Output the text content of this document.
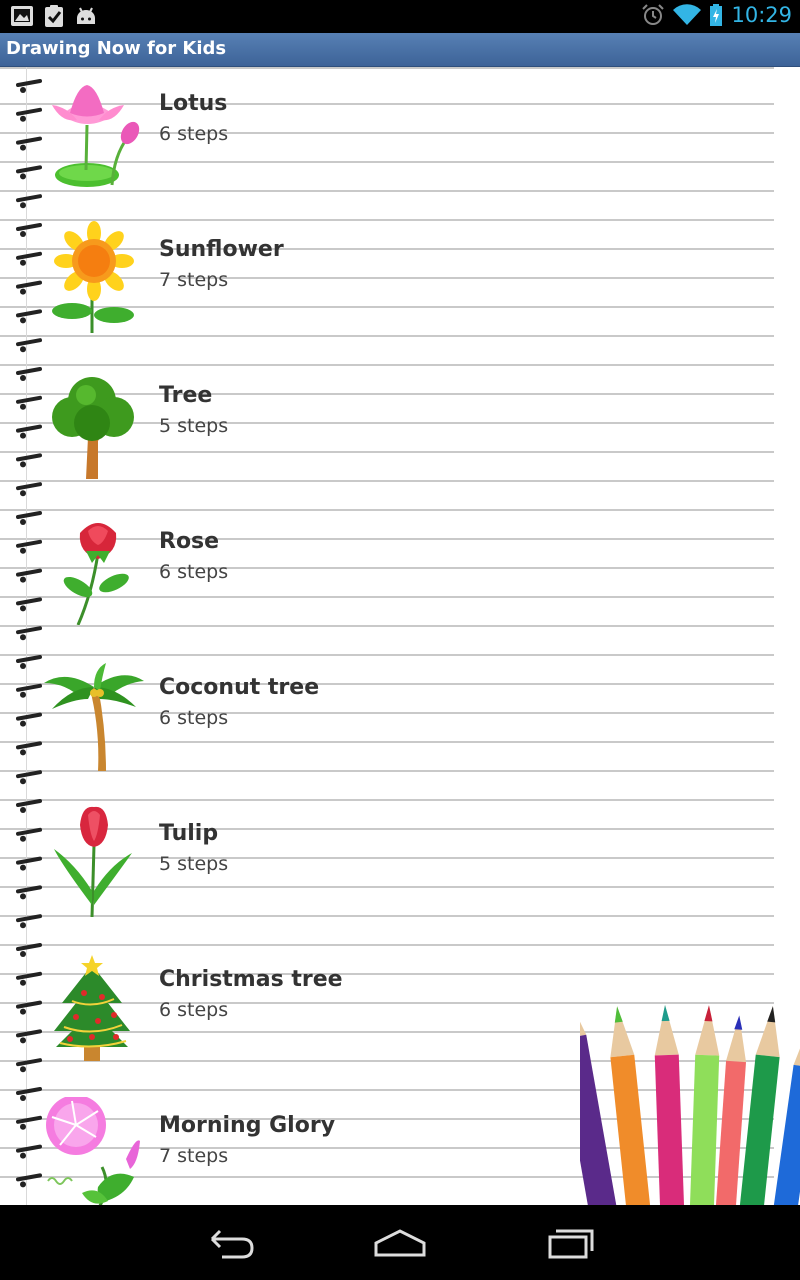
10:29
Drawing Now for Kids
Lotus
6 steps
Sunflower
7 steps
Tree
5 steps
Rose
6 steps
Coconut tree
6 steps
Tulip
5 steps
Christmas tree
6 steps
Morning Glory
7 steps
